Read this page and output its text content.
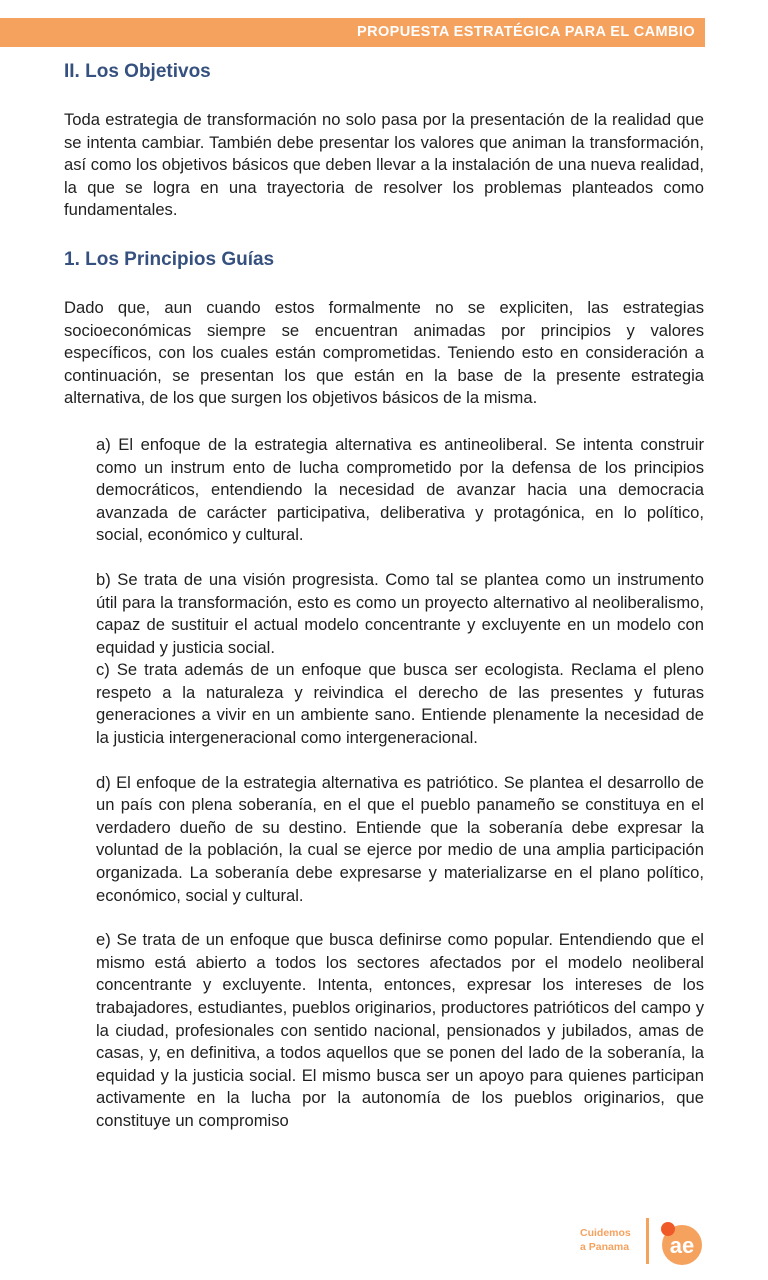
PROPUESTA ESTRATÉGICA PARA EL CAMBIO
II. Los Objetivos

Toda estrategia de transformación no solo pasa por la presentación de la realidad que se intenta cambiar. También debe presentar los valores que animan la transformación, así como los objetivos básicos que deben llevar a la instalación de una nueva realidad, la que se logra en una trayectoria de resolver los problemas planteados como fundamentales.

1. Los Principios Guías

Dado que, aun cuando estos formalmente no se expliciten, las estrategias socioeconómicas siempre se encuentran animadas por principios y valores específicos, con los cuales están comprometidas. Teniendo esto en consideración a continuación, se presentan los que están en la base de la presente estrategia alternativa, de los que surgen los objetivos básicos de la misma.

a) El enfoque de la estrategia alternativa es antineoliberal. Se intenta construir como un instrum ento de lucha comprometido por la defensa de los principios democráticos, entendiendo la necesidad de avanzar hacia una democracia avanzada de carácter participativa, deliberativa y protagónica, en lo político, social, económico y cultural.

b) Se trata de una visión progresista. Como tal se plantea como un instrumento útil para la transformación, esto es como un proyecto alternativo al neoliberalismo, capaz de sustituir el actual modelo concentrante y excluyente en un modelo con equidad y justicia social.

c) Se trata además de un enfoque que busca ser ecologista. Reclama el pleno respeto a la naturaleza y reivindica el derecho de las presentes y futuras generaciones a vivir en un ambiente sano. Entiende plenamente la necesidad de la justicia intergeneracional como intergeneracional.

d) El enfoque de la estrategia alternativa es patriótico. Se plantea el desarrollo de un país con plena soberanía, en el que el pueblo panameño se constituya en el verdadero dueño de su destino. Entiende que la soberanía debe expresar la voluntad de la población, la cual se ejerce por medio de una amplia participación organizada. La soberanía debe expresarse y materializarse en el plano político, económico, social y cultural.

e) Se trata de un enfoque que busca definirse como popular. Entendiendo que el mismo está abierto a todos los sectores afectados por el modelo neoliberal concentrante y excluyente. Intenta, entonces, expresar los intereses de los trabajadores, estudiantes, pueblos originarios, productores patrióticos del campo y la ciudad, profesionales con sentido nacional, pensionados y jubilados, amas de casas, y, en definitiva, a todos aquellos que se ponen del lado de la soberanía, la equidad y la justicia social. El mismo busca ser un apoyo para quienes participan activamente en la lucha por la autonomía de los pueblos originarios, que constituye un compromiso

Cuidemos
a Panama	ae
